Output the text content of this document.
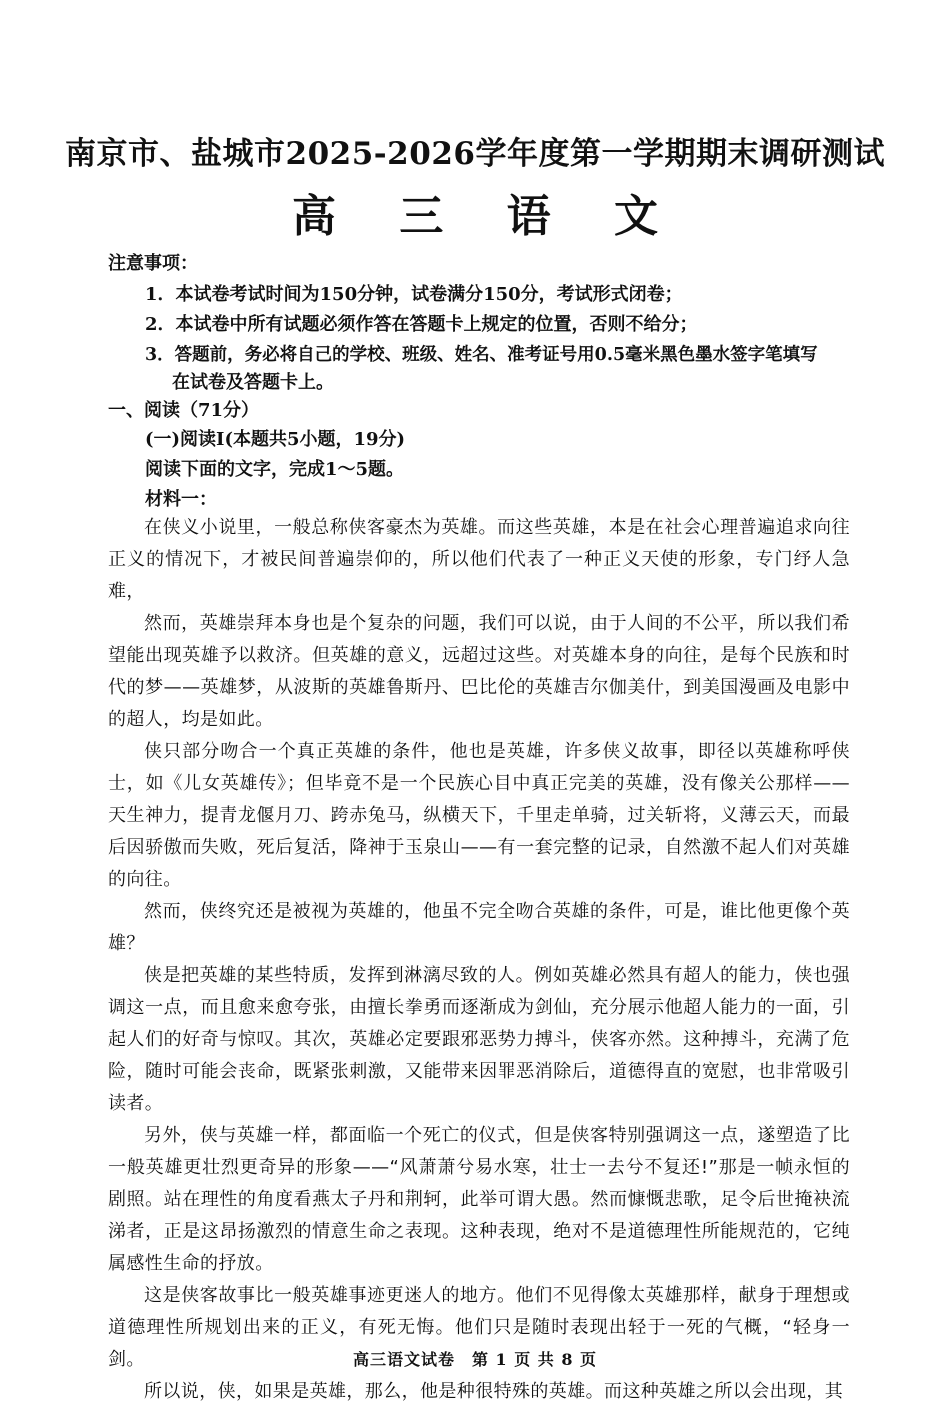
南京市、盐城市2025-2026学年度第一学期期末调研测试
高 三 语 文
注意事项：
1．本试卷考试时间为150分钟，试卷满分150分，考试形式闭卷；
2．本试卷中所有试题必须作答在答题卡上规定的位置，否则不给分；
3．答题前，务必将自己的学校、班级、姓名、准考证号用0.5毫米黑色墨水签字笔填写
在试卷及答题卡上。
一、阅读（71分）
(一)阅读I(本题共5小题，19分)
阅读下面的文字，完成1～5题。
材料一：

在侠义小说里，一般总称侠客豪杰为英雄。而这些英雄，本是在社会心理普遍追求向往正义的情况下，才被民间普遍崇仰的，所以他们代表了一种正义天使的形象，专门纾人急难，

然而，英雄崇拜本身也是个复杂的问题，我们可以说，由于人间的不公平，所以我们希望能出现英雄予以救济。但英雄的意义，远超过这些。对英雄本身的向往，是每个民族和时代的梦——英雄梦，从波斯的英雄鲁斯丹、巴比伦的英雄吉尔伽美什，到美国漫画及电影中的超人，均是如此。

侠只部分吻合一个真正英雄的条件，他也是英雄，许多侠义故事，即径以英雄称呼侠士，如《儿女英雄传》；但毕竟不是一个民族心目中真正完美的英雄，没有像关公那样——天生神力，提青龙偃月刀、跨赤兔马，纵横天下，千里走单骑，过关斩将，义薄云天，而最后因骄傲而失败，死后复活，降神于玉泉山——有一套完整的记录，自然激不起人们对英雄的向往。

然而，侠终究还是被视为英雄的，他虽不完全吻合英雄的条件，可是，谁比他更像个英雄？

侠是把英雄的某些特质，发挥到淋漓尽致的人。例如英雄必然具有超人的能力，侠也强调这一点，而且愈来愈夸张，由擅长拳勇而逐渐成为剑仙，充分展示他超人能力的一面，引起人们的好奇与惊叹。其次，英雄必定要跟邪恶势力搏斗，侠客亦然。这种搏斗，充满了危险，随时可能会丧命，既紧张刺激，又能带来因罪恶消除后，道德得直的宽慰，也非常吸引读者。

另外，侠与英雄一样，都面临一个死亡的仪式，但是侠客特别强调这一点，遂塑造了比一般英雄更壮烈更奇异的形象——“风萧萧兮易水寒，壮士一去兮不复还!”那是一帧永恒的剧照。站在理性的角度看燕太子丹和荆轲，此举可谓大愚。然而慷慨悲歌，足令后世掩袂流涕者，正是这昂扬激烈的情意生命之表现。这种表现，绝对不是道德理性所能规范的，它纯属感性生命的抒放。

这是侠客故事比一般英雄事迹更迷人的地方。他们不见得像太英雄那样，献身于理想或道德理性所规划出来的正义，有死无悔。他们只是随时表现出轻于一死的气概，“轻身一剑。

所以说，侠，如果是英雄，那么，他是种很特殊的英雄。而这种英雄之所以会出现，其

高三语文试卷　第 1 页 共 8 页
